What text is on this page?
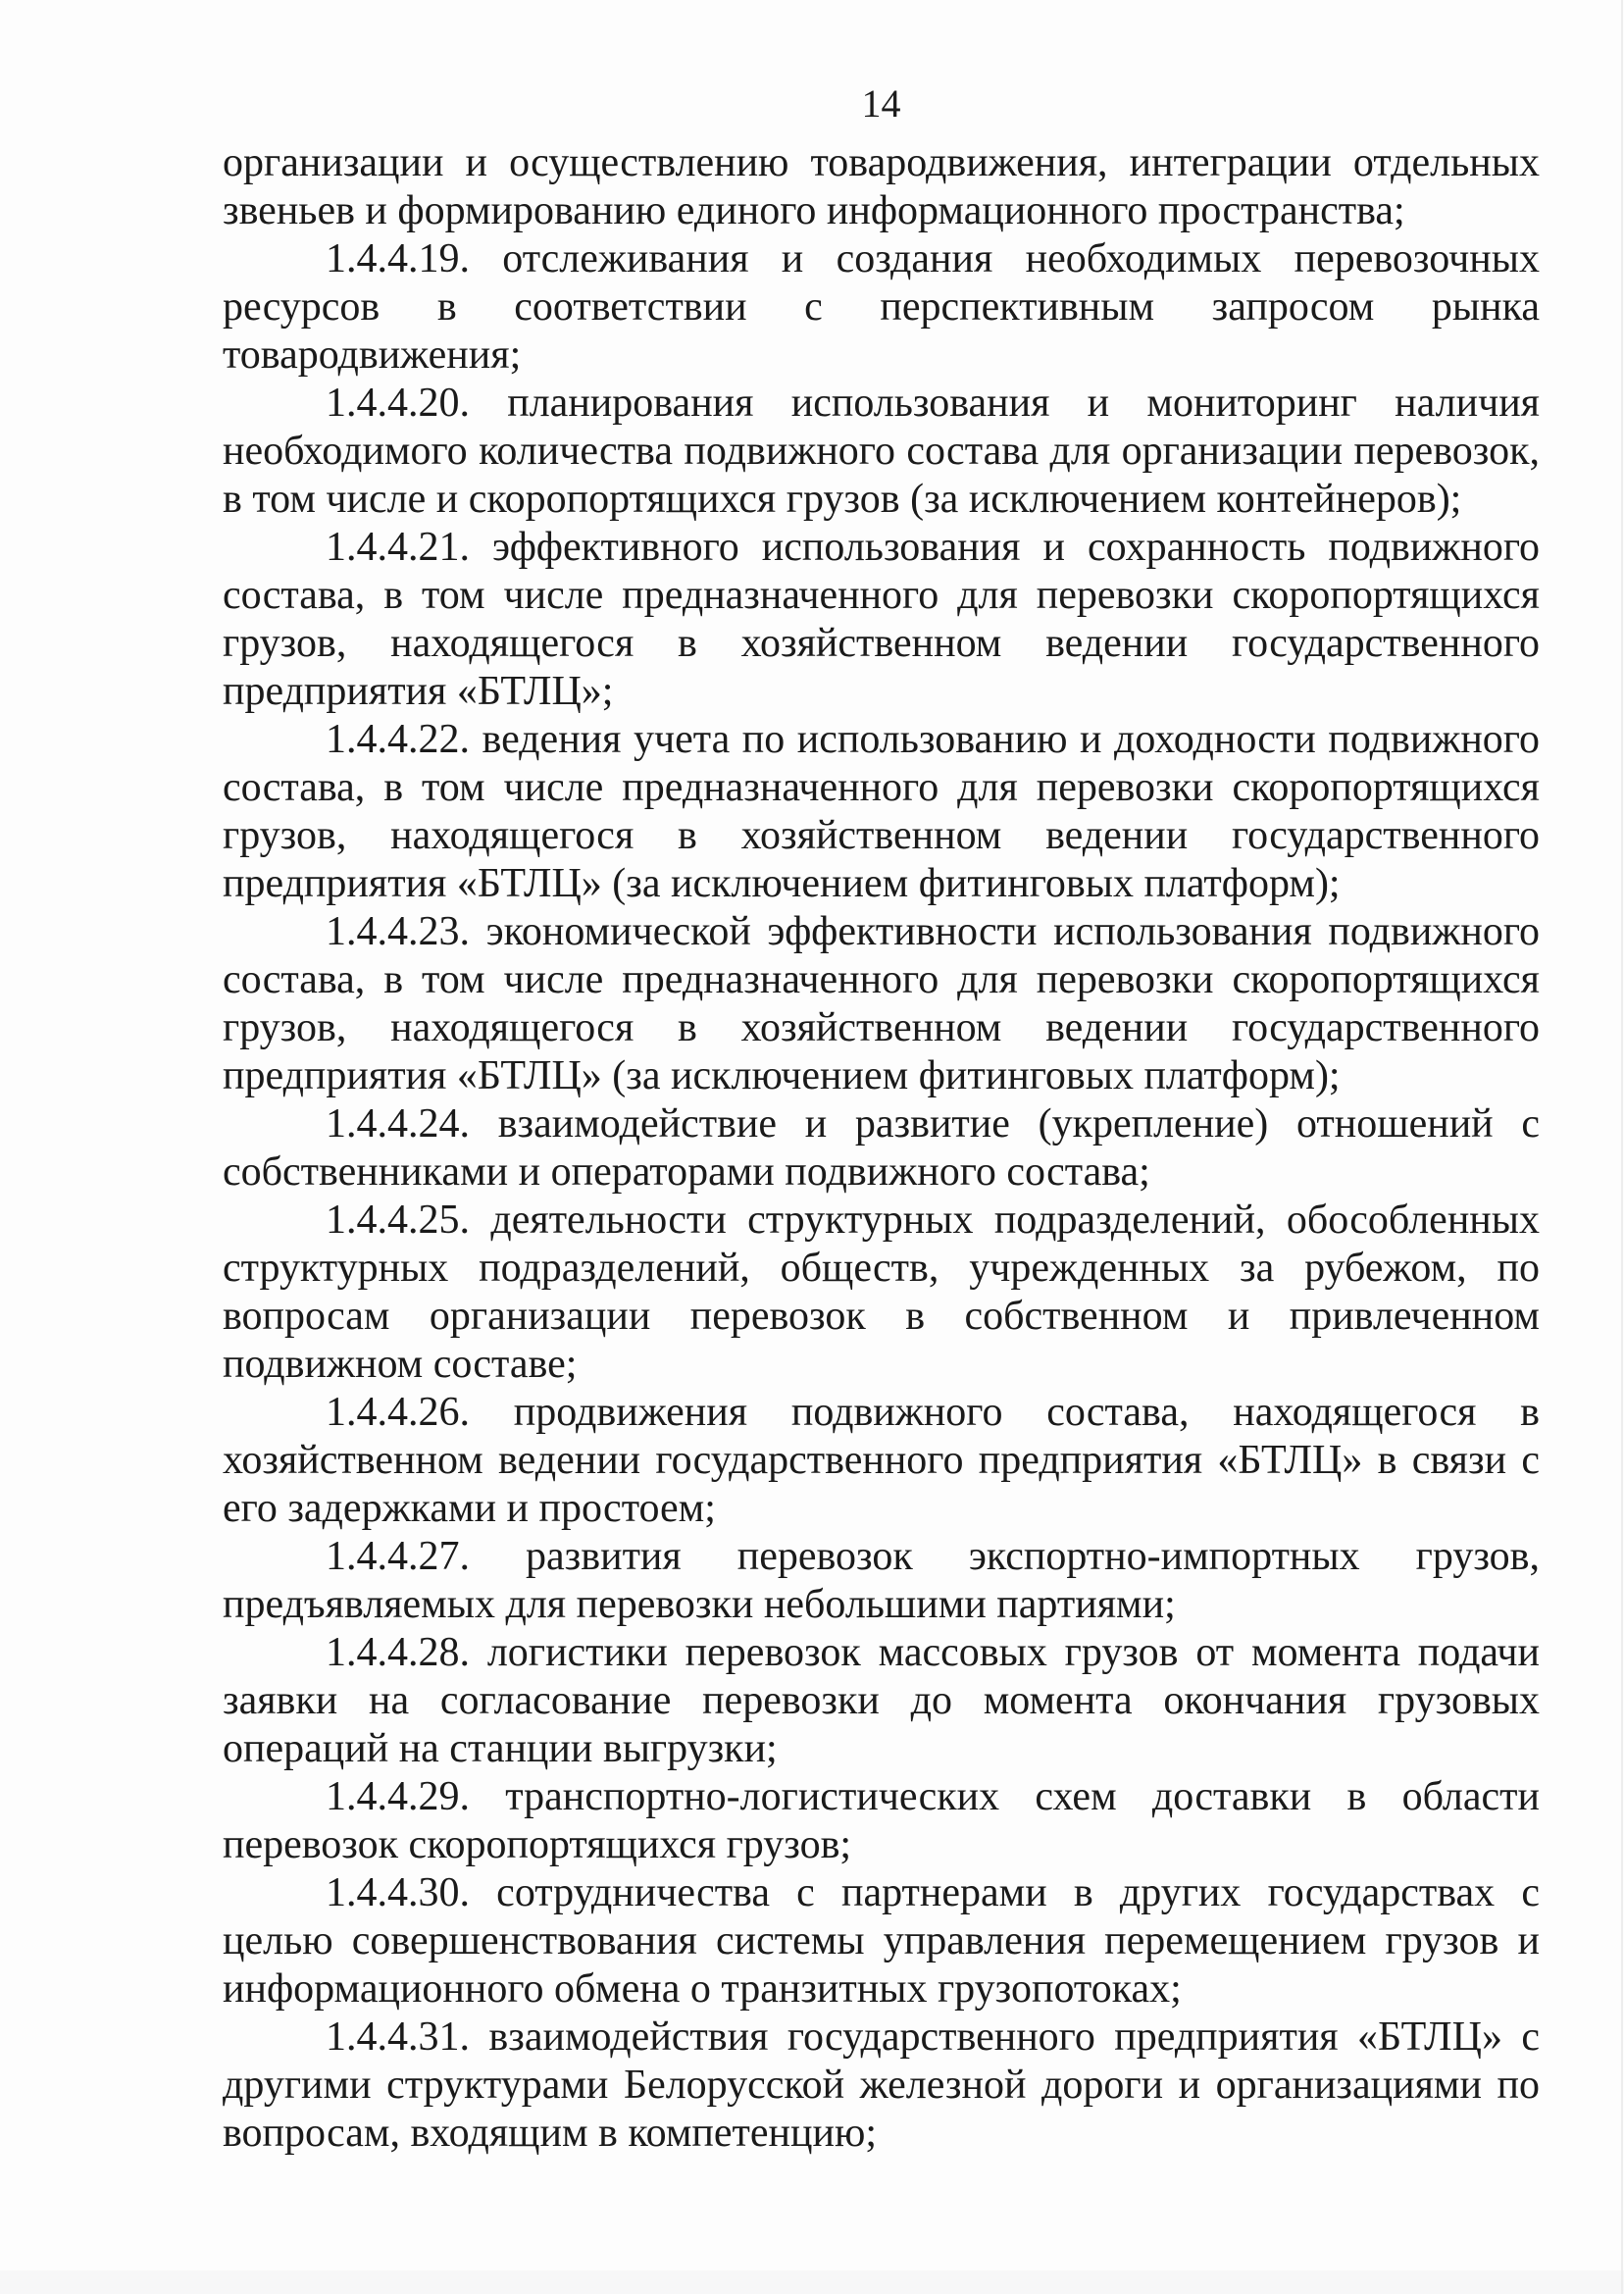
14

организации и осуществлению товародвижения, интеграции отдельных звеньев и формированию единого информационного пространства;

1.4.4.19. отслеживания и создания необходимых перевозочных ресурсов в соответствии с перспективным запросом рынка товародвижения;

1.4.4.20. планирования использования и мониторинг наличия необходимого количества подвижного состава для организации перевозок, в том числе и скоропортящихся грузов (за исключением контейнеров);

1.4.4.21. эффективного использования и сохранность подвижного состава, в том числе предназначенного для перевозки скоропортящихся грузов, находящегося в хозяйственном ведении государственного предприятия «БТЛЦ»;

1.4.4.22. ведения учета по использованию и доходности подвижного состава, в том числе предназначенного для перевозки скоропортящихся грузов, находящегося в хозяйственном ведении государственного предприятия «БТЛЦ» (за исключением фитинговых платформ);

1.4.4.23. экономической эффективности использования подвижного состава, в том числе предназначенного для перевозки скоропортящихся грузов, находящегося в хозяйственном ведении государственного предприятия «БТЛЦ» (за исключением фитинговых платформ);

1.4.4.24. взаимодействие и развитие (укрепление) отношений с собственниками и операторами подвижного состава;

1.4.4.25. деятельности структурных подразделений, обособленных структурных подразделений, обществ, учрежденных за рубежом, по вопросам организации перевозок в собственном и привлеченном подвижном составе;

1.4.4.26. продвижения подвижного состава, находящегося в хозяйственном ведении государственного предприятия «БТЛЦ» в связи с его задержками и простоем;

1.4.4.27. развития перевозок экспортно-импортных грузов, предъявляемых для перевозки небольшими партиями;

1.4.4.28. логистики перевозок массовых грузов от момента подачи заявки на согласование перевозки до момента окончания грузовых операций на станции выгрузки;

1.4.4.29. транспортно-логистических схем доставки в области перевозок скоропортящихся грузов;

1.4.4.30. сотрудничества с партнерами в других государствах с целью совершенствования системы управления перемещением грузов и информационного обмена о транзитных грузопотоках;

1.4.4.31. взаимодействия государственного предприятия «БТЛЦ» с другими структурами Белорусской железной дороги и организациями по вопросам, входящим в компетенцию;
